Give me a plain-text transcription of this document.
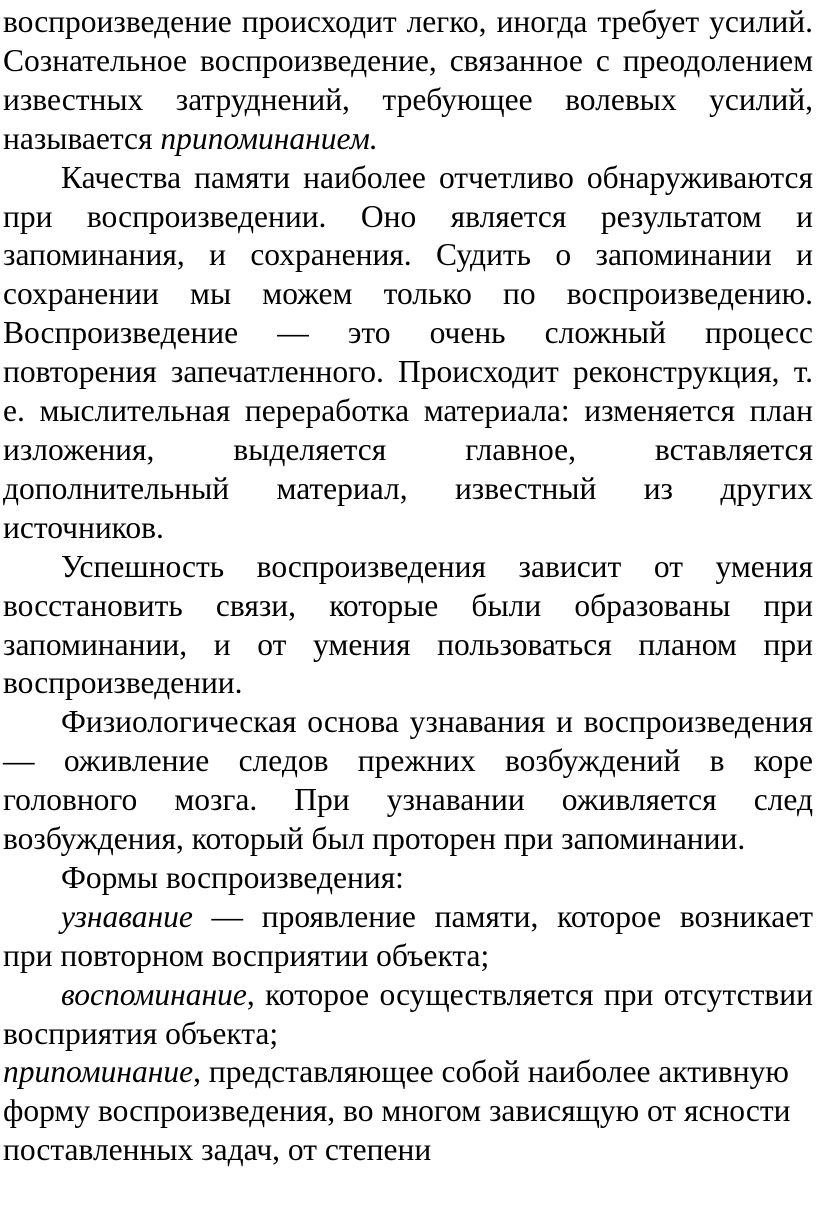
воспроизведение происходит легко, иногда требует усилий. Сознательное воспроизведение, связанное с преодолением известных затруднений, требующее волевых усилий, называется припоминанием.

Качества памяти наиболее отчетливо обнаруживаются при воспроизведении. Оно является результатом и запоминания, и сохранения. Судить о запоминании и сохранении мы можем только по воспроизведению. Воспроизведение — это очень сложный процесс повторения запечатленного. Происходит реконструкция, т. е. мыслительная переработка материала: изменяется план изложения, выделяется главное, вставляется дополнительный материал, известный из других источников.

Успешность воспроизведения зависит от умения восстановить связи, которые были образованы при запоминании, и от умения пользоваться планом при воспроизведении.

Физиологическая основа узнавания и воспроизведения — оживление следов прежних возбуждений в коре головного мозга. При узнавании оживляется след возбуждения, который был проторен при запоминании.

Формы воспроизведения:

узнавание — проявление памяти, которое возникает при повторном восприятии объекта;

воспоминание, которое осуществляется при отсутствии восприятия объекта;

припоминание, представляющее собой наиболее активную форму воспроизведения, во многом зависящую от ясности поставленных задач, от степени
